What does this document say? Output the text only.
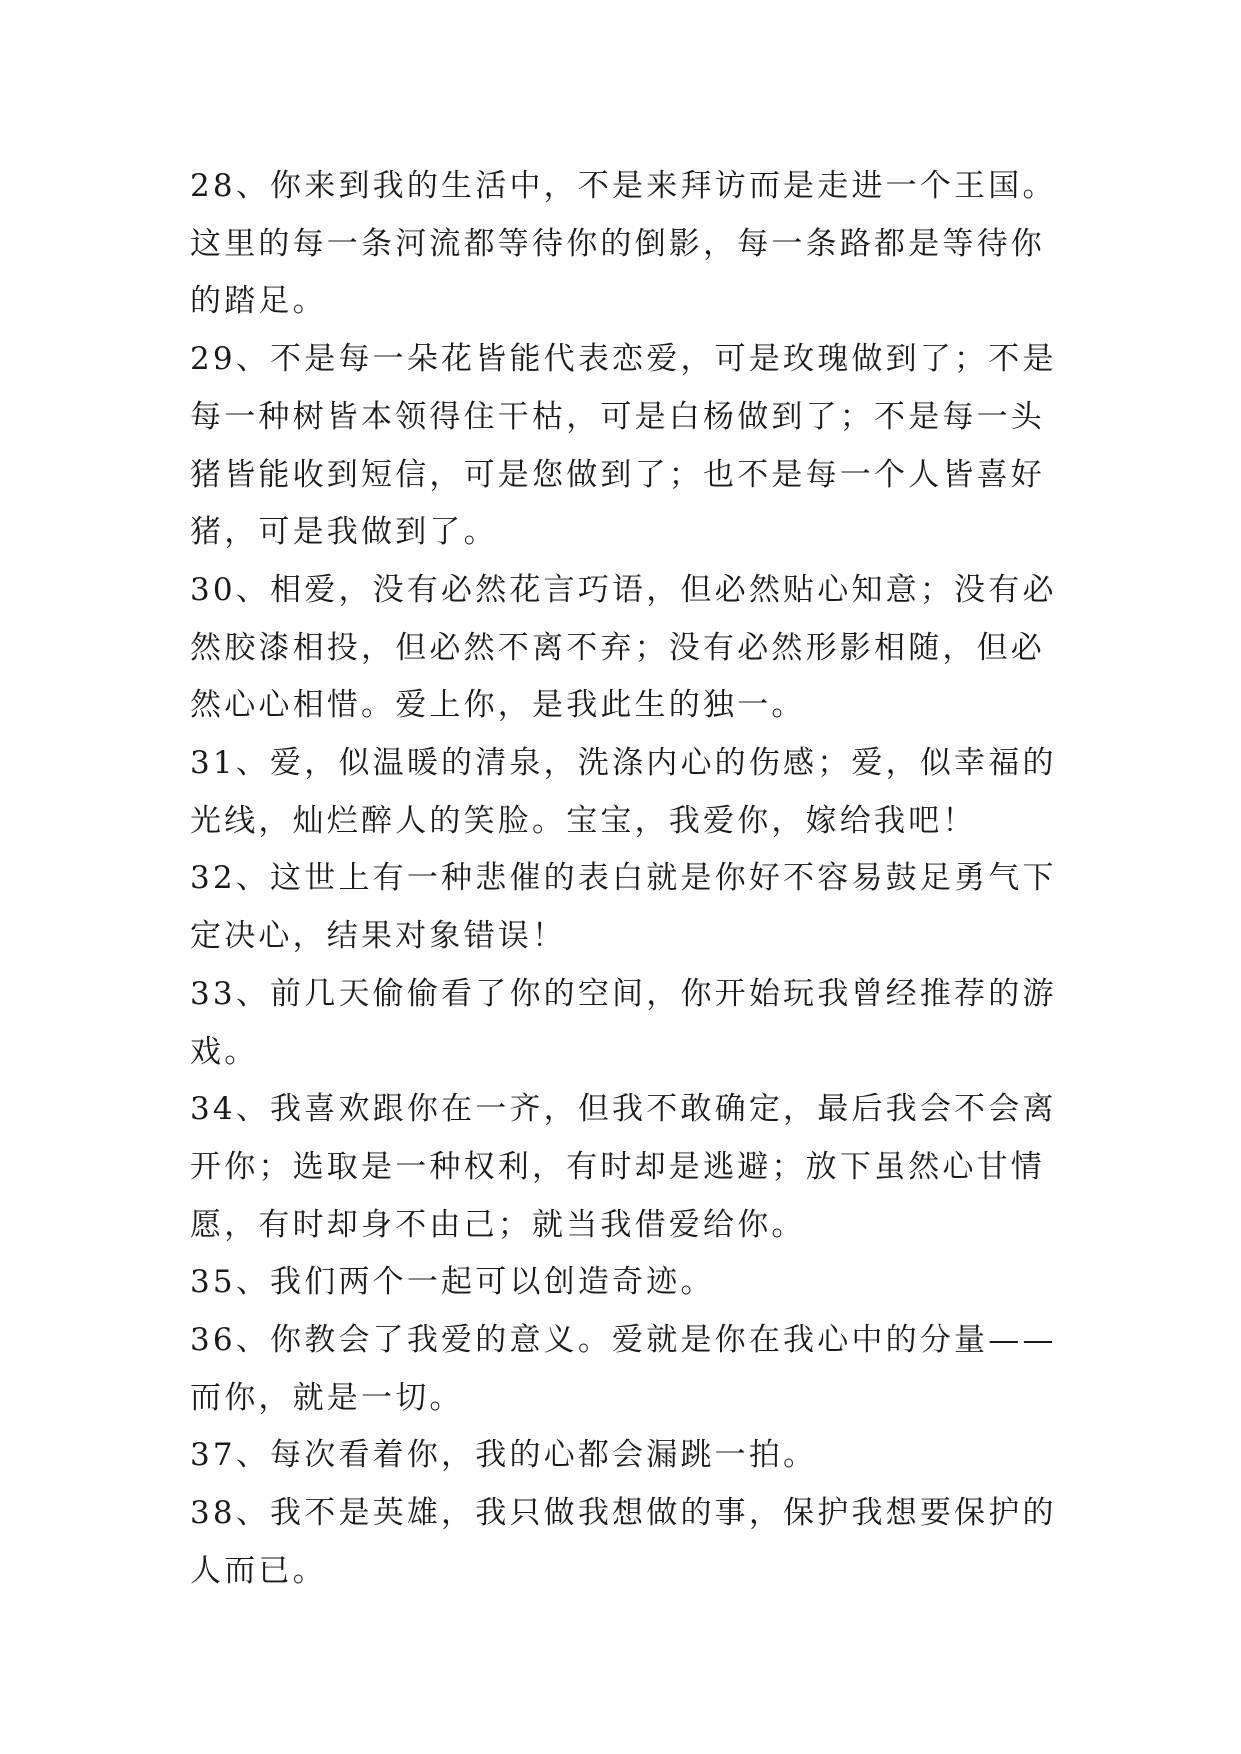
28、你来到我的生活中，不是来拜访而是走进一个王国。这里的每一条河流都等待你的倒影，每一条路都是等待你的踏足。

29、不是每一朵花皆能代表恋爱，可是玫瑰做到了；不是每一种树皆本领得住干枯，可是白杨做到了；不是每一头猪皆能收到短信，可是您做到了；也不是每一个人皆喜好猪，可是我做到了。

30、相爱，没有必然花言巧语，但必然贴心知意；没有必然胶漆相投，但必然不离不弃；没有必然形影相随，但必然心心相惜。爱上你，是我此生的独一。

31、爱，似温暖的清泉，洗涤内心的伤感；爱，似幸福的光线，灿烂醉人的笑脸。宝宝，我爱你，嫁给我吧！

32、这世上有一种悲催的表白就是你好不容易鼓足勇气下定决心，结果对象错误！

33、前几天偷偷看了你的空间，你开始玩我曾经推荐的游戏。

34、我喜欢跟你在一齐，但我不敢确定，最后我会不会离开你；选取是一种权利，有时却是逃避；放下虽然心甘情愿，有时却身不由己；就当我借爱给你。

35、我们两个一起可以创造奇迹。

36、你教会了我爱的意义。爱就是你在我心中的分量——而你，就是一切。

37、每次看着你，我的心都会漏跳一拍。

38、我不是英雄，我只做我想做的事，保护我想要保护的人而已。
